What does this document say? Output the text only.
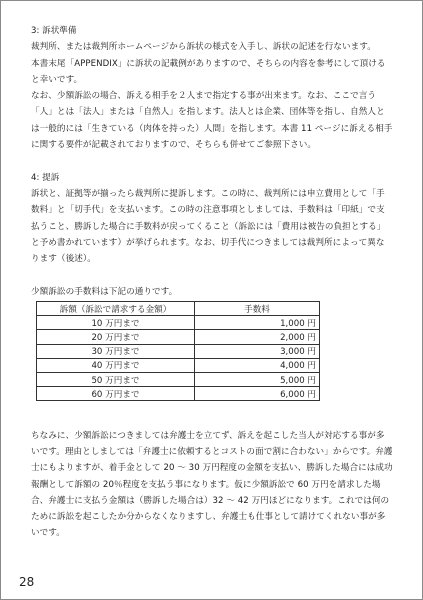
3: 訴状準備
裁判所、または裁判所ホームページから訴状の様式を入手し、訴状の記述を行ないます。
本書末尾「APPENDIX」に訴状の記載例がありますので、そちらの内容を参考にして頂けると幸いです。
なお、少額訴訟の場合、訴える相手を２人まで指定する事が出来ます。なお、ここで言う「人」とは「法人」または「自然人」を指します。法人とは企業、団体等を指し、自然人とは一般的には「生きている（肉体を持った）人間」を指します。本書 11 ページに訴える相手に関する要件が記載されておりますので、そちらも併せてご参照下さい。
4: 提訴
訴状と、証拠等が揃ったら裁判所に提訴します。この時に、裁判所には申立費用として「手数料」と「切手代」を支払います。この時の注意事項としましては、手数料は「印紙」で支払うこと、勝訴した場合に手数料が戻ってくること（訴訟には「費用は被告の負担とする」と予め書かれています）が挙げられます。なお、切手代につきましては裁判所によって異なります（後述）。
少額訴訟の手数料は下記の通りです。
訴額（訴訟で請求する金額）	手数料
10 万円まで	1,000 円
20 万円まで	2,000 円
30 万円まで	3,000 円
40 万円まで	4,000 円
50 万円まで	5,000 円
60 万円まで	6,000 円
ちなみに、少額訴訟につきましては弁護士を立てず、訴えを起こした当人が対応する事が多いです。理由としましては「弁護士に依頼するとコストの面で割に合わない」からです。弁護士にもよりますが、着手金として 20 ～ 30 万円程度の金額を支払い、勝訴した場合には成功報酬として訴額の 20％程度を支払う事になります。仮に少額訴訟で 60 万円を請求した場合、弁護士に支払う金額は（勝訴した場合は）32 ～ 42 万円ほどになります。これでは何のために訴訟を起こしたか分からなくなりますし、弁護士も仕事として請けてくれない事が多いです。
28
